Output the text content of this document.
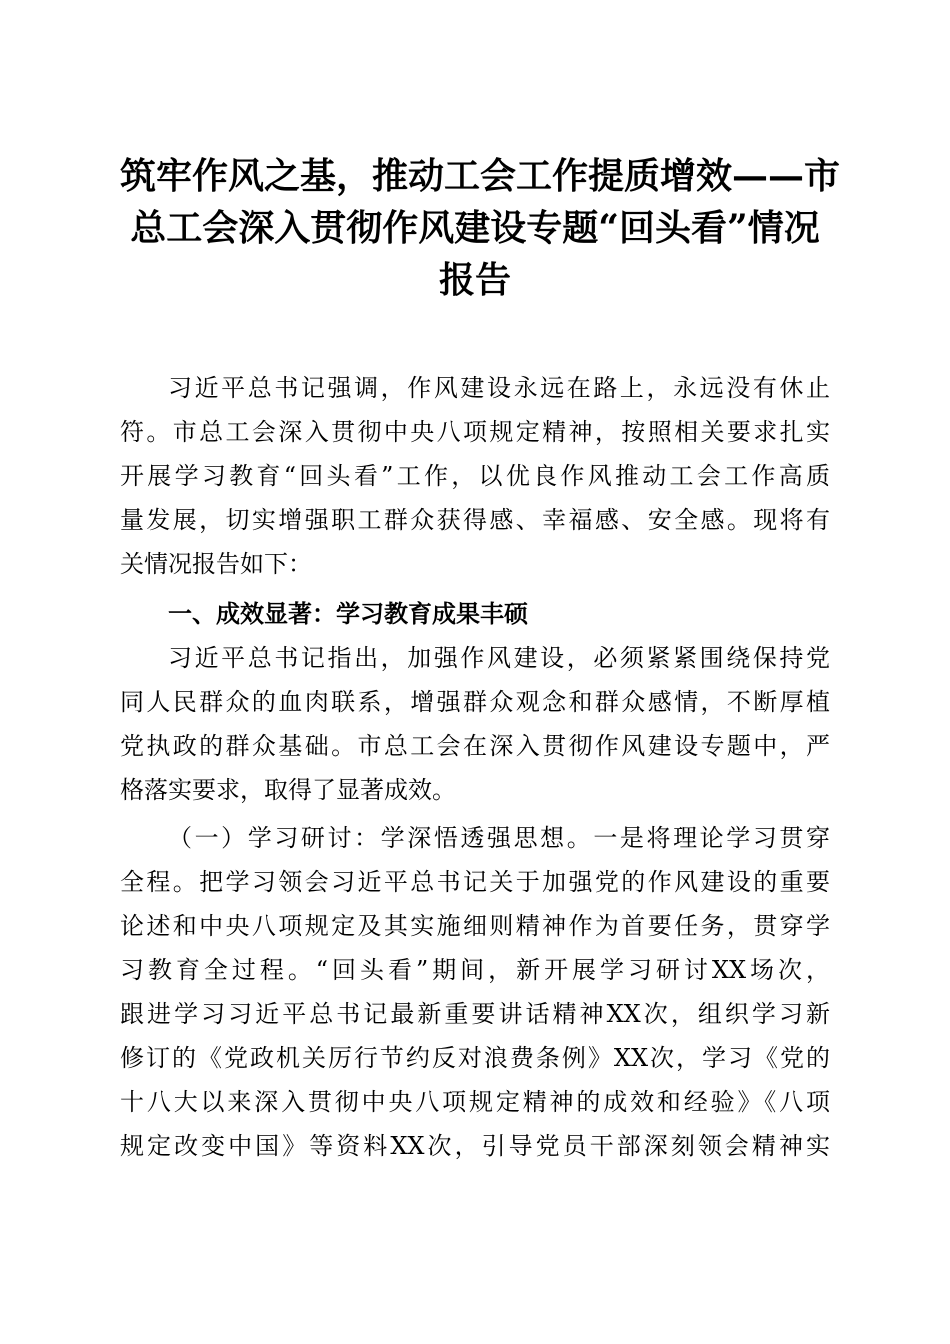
筑牢作风之基，推动工会工作提质增效——市
总工会深入贯彻作风建设专题“回头看”情况
报告
习近平总书记强调，作风建设永远在路上，永远没有休止
符。市总工会深入贯彻中央八项规定精神，按照相关要求扎实
开展学习教育“回头看”工作，以优良作风推动工会工作高质
量发展，切实增强职工群众获得感、幸福感、安全感。现将有
关情况报告如下：
一、成效显著：学习教育成果丰硕
习近平总书记指出，加强作风建设，必须紧紧围绕保持党
同人民群众的血肉联系，增强群众观念和群众感情，不断厚植
党执政的群众基础。市总工会在深入贯彻作风建设专题中，严
格落实要求，取得了显著成效。
（一）学习研讨：学深悟透强思想。一是将理论学习贯穿
全程。把学习领会习近平总书记关于加强党的作风建设的重要
论述和中央八项规定及其实施细则精神作为首要任务，贯穿学
习教育全过程。“回头看”期间，新开展学习研讨XX场次，
跟进学习习近平总书记最新重要讲话精神XX次，组织学习新
修订的《党政机关厉行节约反对浪费条例》XX次，学习《党的
十八大以来深入贯彻中央八项规定精神的成效和经验》《八项
规定改变中国》等资料XX次，引导党员干部深刻领会精神实
